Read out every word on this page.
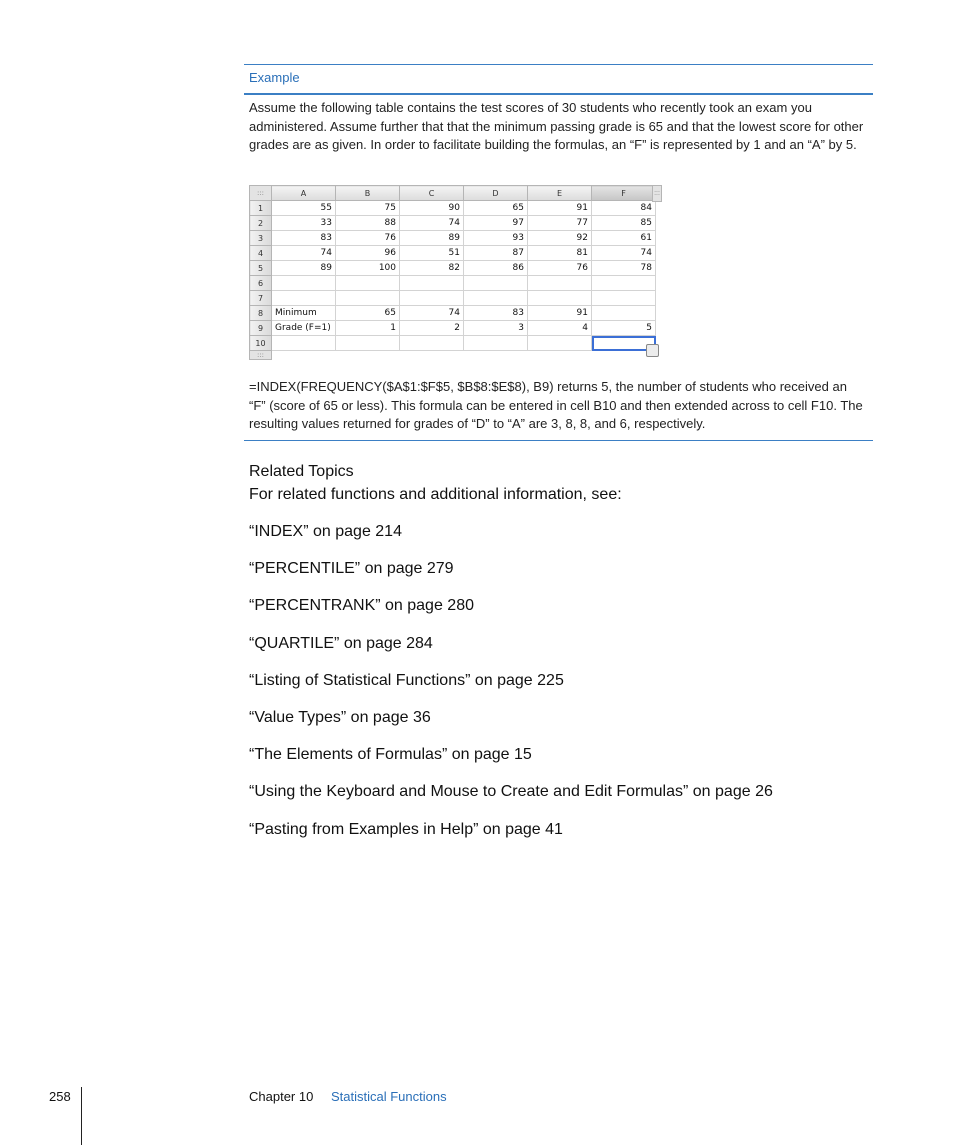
Example
Assume the following table contains the test scores of 30 students who recently took an exam you administered. Assume further that that the minimum passing grade is 65 and that the lowest score for other grades are as given. In order to facilitate building the formulas, an “F” is represented by 1 and an “A” by 5.
:::	A	B	C	D	E	F
1	55	75	90	65	91	84
2	33	88	74	97	77	85
3	83	76	89	93	92	61
4	74	96	51	87	81	74
5	89	100	82	86	76	78
6						
7						
8	Minimum	65	74	83	91	
9	Grade (F=1)	1	2	3	4	5
10						
:::						
:::
=INDEX(FREQUENCY($A$1:$F$5, $B$8:$E$8), B9) returns 5, the number of students who received an “F” (score of 65 or less). This formula can be entered in cell B10 and then extended across to cell F10. The resulting values returned for grades of “D” to “A” are 3, 8, 8, and 6, respectively.
Related Topics
For related functions and additional information, see:
“INDEX” on page 214
“PERCENTILE” on page 279
“PERCENTRANK” on page 280
“QUARTILE” on page 284
“Listing of Statistical Functions” on page 225
“Value Types” on page 36
“The Elements of Formulas” on page 15
“Using the Keyboard and Mouse to Create and Edit Formulas” on page 26
“Pasting from Examples in Help” on page 41
258	Chapter 10 Statistical Functions
